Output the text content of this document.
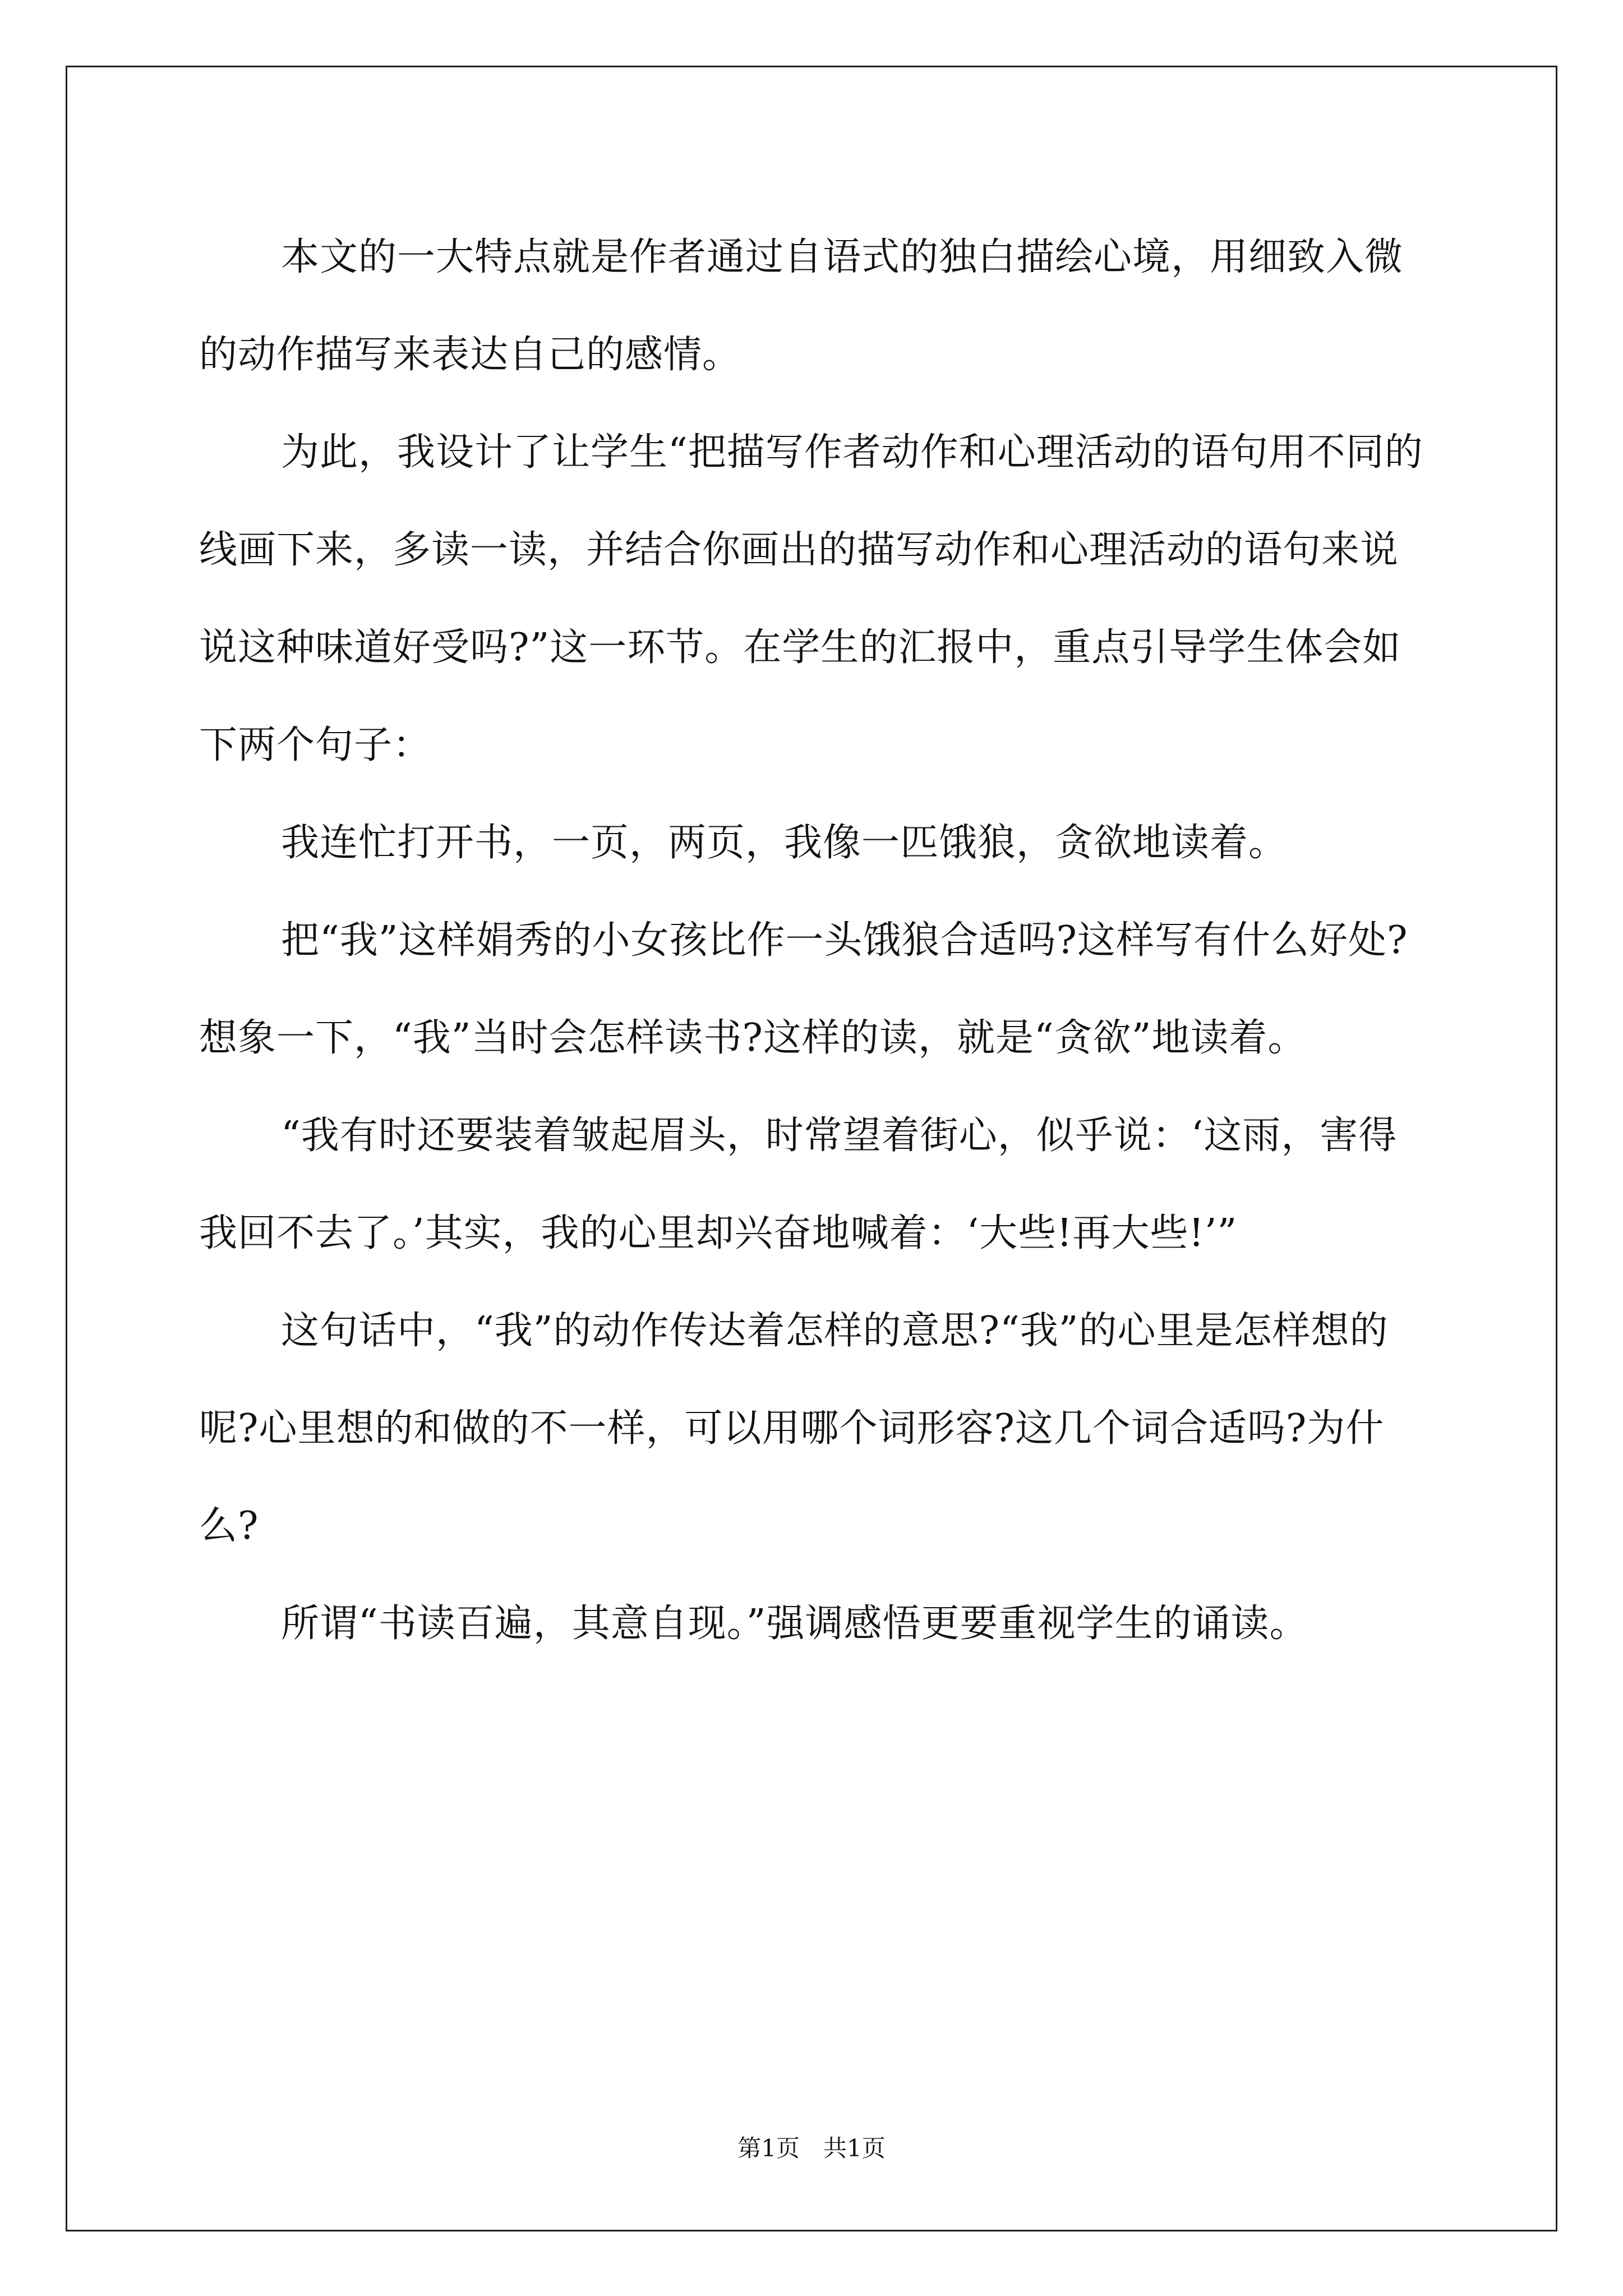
本文的一大特点就是作者通过自语式的独白描绘心境，用细致入微的动作描写来表达自己的感情。

为此，我设计了让学生“把描写作者动作和心理活动的语句用不同的线画下来，多读一读，并结合你画出的描写动作和心理活动的语句来说说这种味道好受吗?”这一环节。在学生的汇报中，重点引导学生体会如下两个句子：

我连忙打开书，一页，两页，我像一匹饿狼，贪欲地读着。

把“我”这样娟秀的小女孩比作一头饿狼合适吗?这样写有什么好处?想象一下，“我”当时会怎样读书?这样的读，就是“贪欲”地读着。

“我有时还要装着皱起眉头，时常望着街心，似乎说：‘这雨，害得我回不去了。’其实，我的心里却兴奋地喊着：‘大些!再大些!’”

这句话中，“我”的动作传达着怎样的意思?“我”的心里是怎样想的呢?心里想的和做的不一样，可以用哪个词形容?这几个词合适吗?为什么?

所谓“书读百遍，其意自现。”强调感悟更要重视学生的诵读。

第1页　共1页
